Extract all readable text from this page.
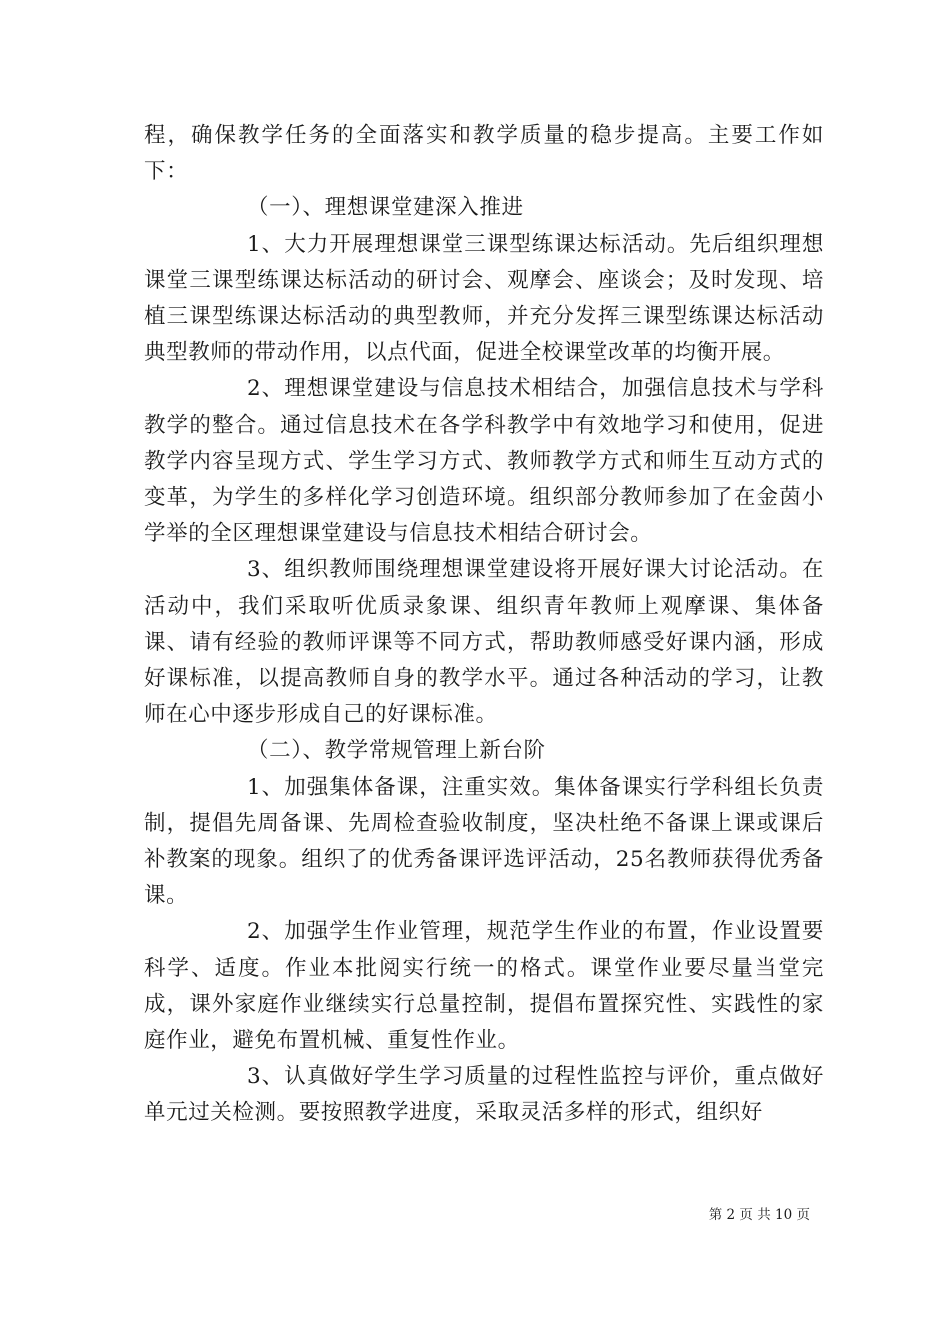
程，确保教学任务的全面落实和教学质量的稳步提高。主要工作如下：

（一）、理想课堂建深入推进

1、大力开展理想课堂三课型练课达标活动。先后组织理想课堂三课型练课达标活动的研讨会、观摩会、座谈会；及时发现、培植三课型练课达标活动的典型教师，并充分发挥三课型练课达标活动典型教师的带动作用，以点代面，促进全校课堂改革的均衡开展。

2、理想课堂建设与信息技术相结合，加强信息技术与学科教学的整合。通过信息技术在各学科教学中有效地学习和使用，促进教学内容呈现方式、学生学习方式、教师教学方式和师生互动方式的变革，为学生的多样化学习创造环境。组织部分教师参加了在金茵小学举的全区理想课堂建设与信息技术相结合研讨会。

3、组织教师围绕理想课堂建设将开展好课大讨论活动。在活动中，我们采取听优质录象课、组织青年教师上观摩课、集体备课、请有经验的教师评课等不同方式，帮助教师感受好课内涵，形成好课标准，以提高教师自身的教学水平。通过各种活动的学习，让教师在心中逐步形成自己的好课标准。

（二）、教学常规管理上新台阶

1、加强集体备课，注重实效。集体备课实行学科组长负责制，提倡先周备课、先周检查验收制度，坚决杜绝不备课上课或课后补教案的现象。组织了的优秀备课评选评活动，25名教师获得优秀备课。

2、加强学生作业管理，规范学生作业的布置，作业设置要科学、适度。作业本批阅实行统一的格式。课堂作业要尽量当堂完成，课外家庭作业继续实行总量控制，提倡布置探究性、实践性的家庭作业，避免布置机械、重复性作业。

3、认真做好学生学习质量的过程性监控与评价，重点做好单元过关检测。要按照教学进度，采取灵活多样的形式，组织好

第 2 页 共 10 页
